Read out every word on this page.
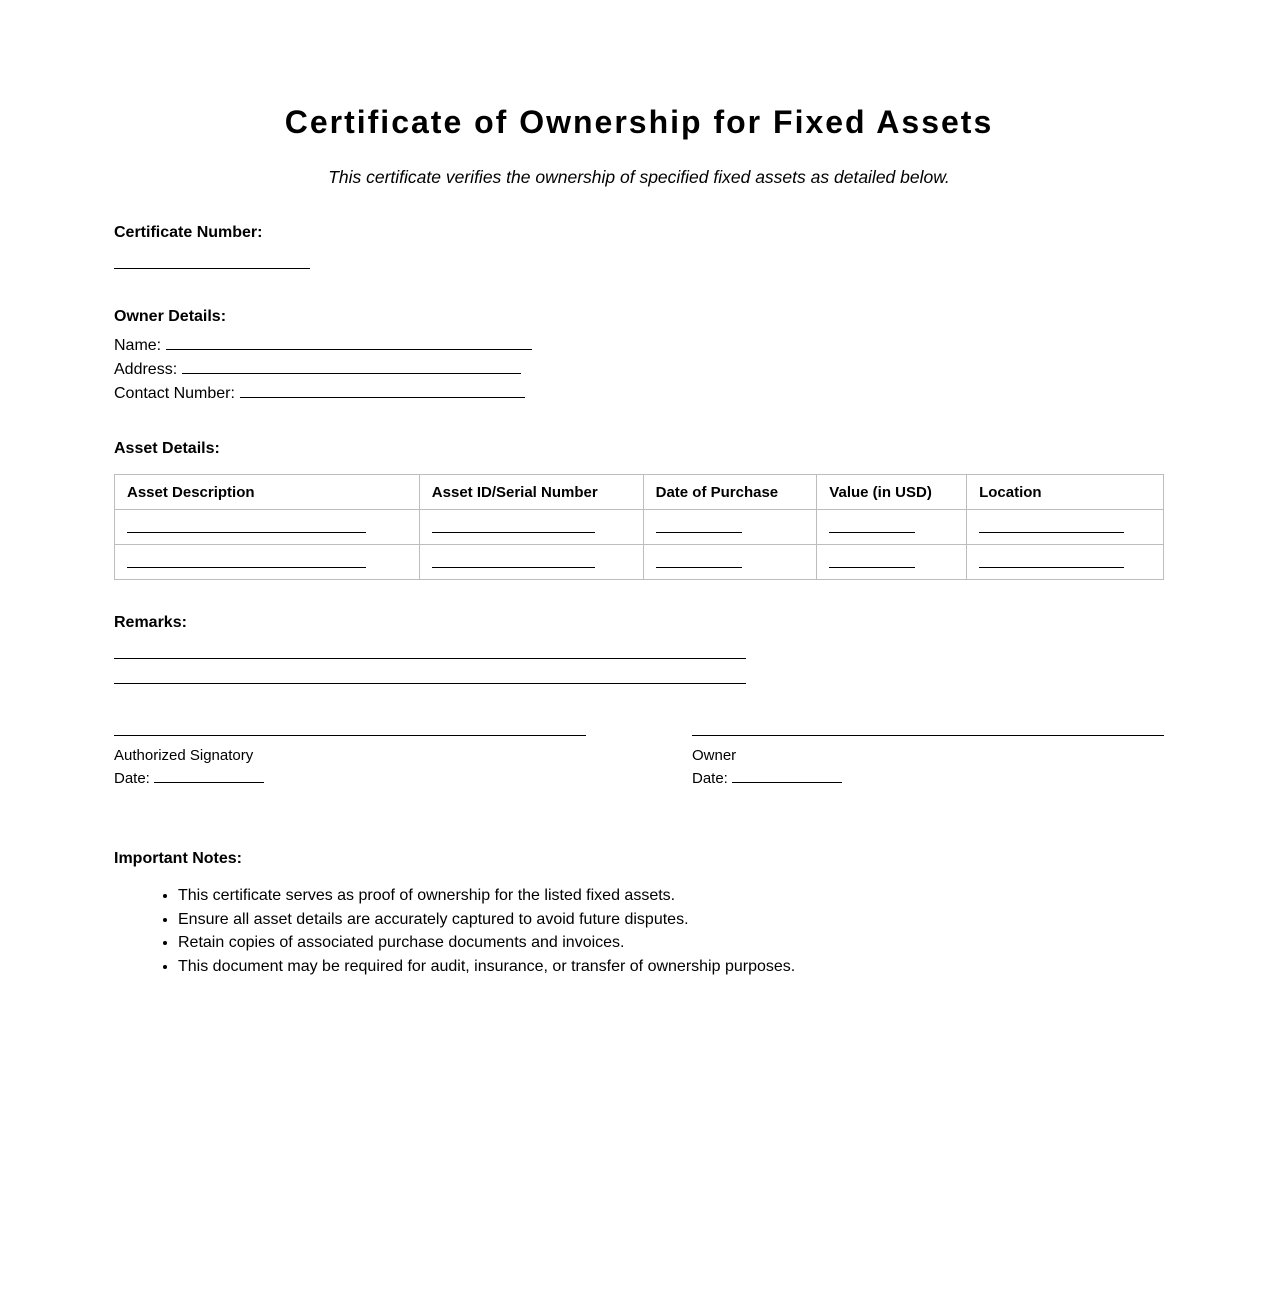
Certificate of Ownership for Fixed Assets

This certificate verifies the ownership of specified fixed assets as detailed below.

Certificate Number:

Owner Details:

Name:
Address:
Contact Number:

Asset Details:

Asset Description	Asset ID/Serial Number	Date of Purchase	Value (in USD)	Location

Remarks:

Authorized Signatory
Date:
Owner
Date:

Important Notes:

• This certificate serves as proof of ownership for the listed fixed assets.
• Ensure all asset details are accurately captured to avoid future disputes.
• Retain copies of associated purchase documents and invoices.
• This document may be required for audit, insurance, or transfer of ownership purposes.
